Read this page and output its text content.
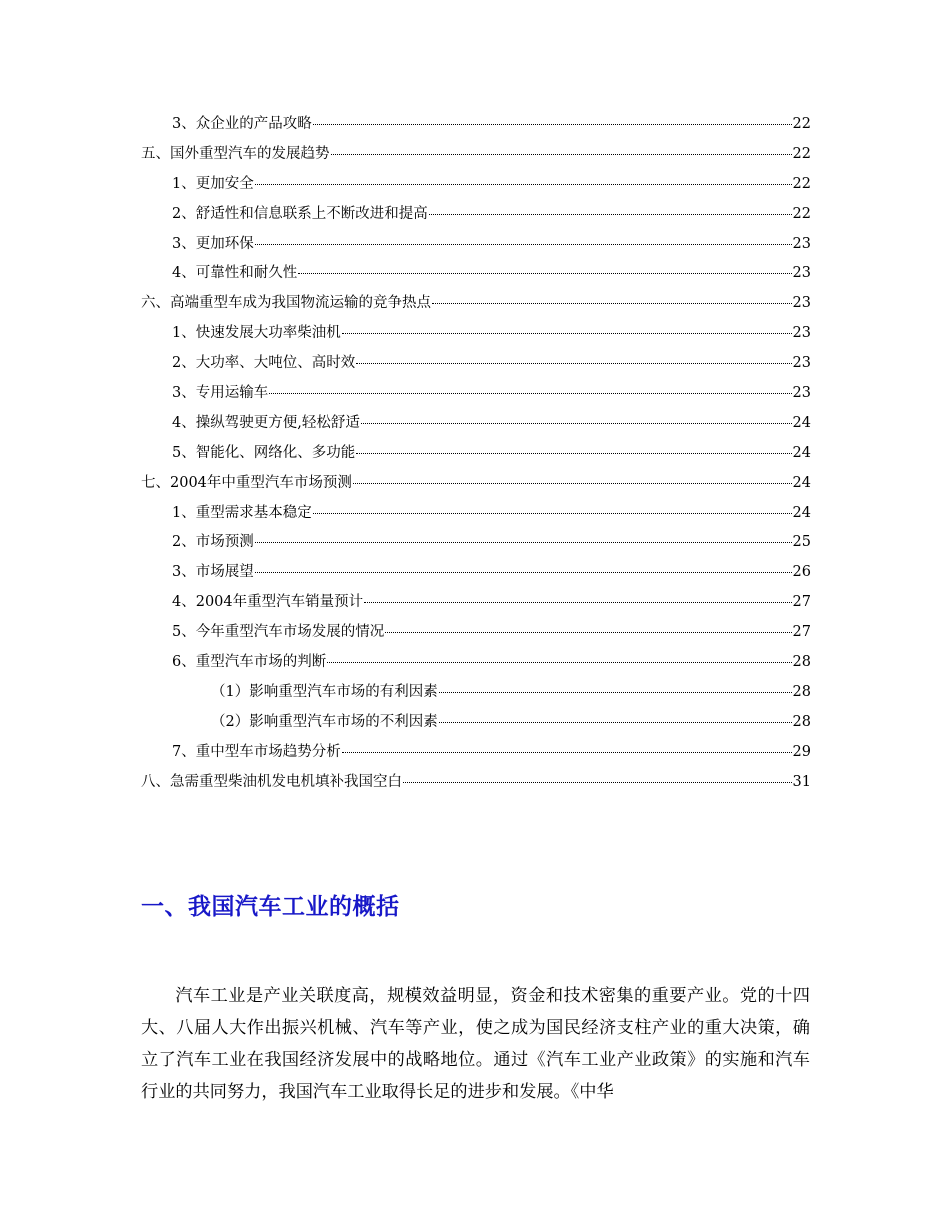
3、众企业的产品攻略	22
五、国外重型汽车的发展趋势	22
1、更加安全	22
2、舒适性和信息联系上不断改进和提高	22
3、更加环保	23
4、可靠性和耐久性	23
六、高端重型车成为我国物流运输的竞争热点	23
1、快速发展大功率柴油机	23
2、大功率、大吨位、高时效	23
3、专用运输车	23
4、操纵驾驶更方便,轻松舒适	24
5、智能化、网络化、多功能	24
七、2004年中重型汽车市场预测	24
1、重型需求基本稳定	24
2、市场预测	25
3、市场展望	26
4、2004年重型汽车销量预计	27
5、今年重型汽车市场发展的情况	27
6、重型汽车市场的判断	28
（1）影响重型汽车市场的有利因素	28
（2）影响重型汽车市场的不利因素	28
7、重中型车市场趋势分析	29
八、急需重型柴油机发电机填补我国空白	31
一、我国汽车工业的概括

汽车工业是产业关联度高，规模效益明显，资金和技术密集的重要产业。党的十四大、八届人大作出振兴机械、汽车等产业，使之成为国民经济支柱产业的重大决策，确立了汽车工业在我国经济发展中的战略地位。通过《汽车工业产业政策》的实施和汽车行业的共同努力，我国汽车工业取得长足的进步和发展。《中华
